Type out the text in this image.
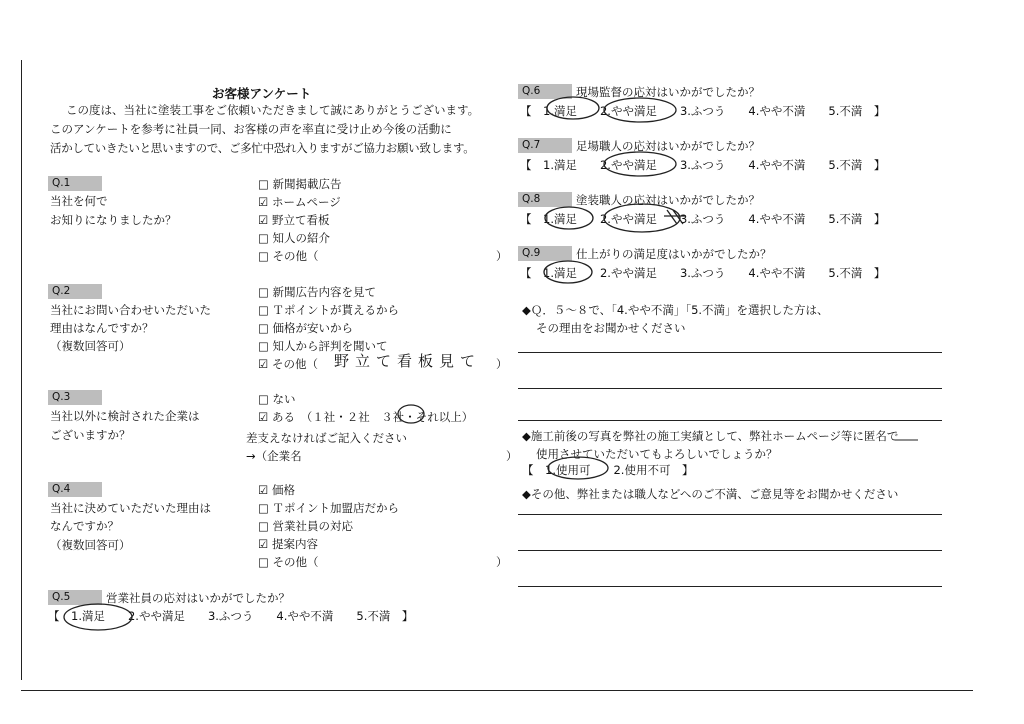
お客様アンケート
この度は、当社に塗装工事をご依頼いただきまして誠にありがとうございます。
このアンケートを参考に社員一同、お客様の声を率直に受け止め今後の活動に
活かしていきたいと思いますので、ご多忙中恐れ入りますがご協力お願い致します。
Q.1
当社を何で
お知りになりましたか？
□ 新聞掲載広告
☑ ホームページ
☑ 野立て看板
□ 知人の紹介
□ その他（	）
Q.2
当社にお問い合わせいただいた
理由はなんですか？
（複数回答可）
□ 新聞広告内容を見て
□ Ｔポイントが貰えるから
□ 価格が安いから
□ 知人から評判を聞いて
☑ その他（ 野立て看板見て ）
Q.3
当社以外に検討された企業は
ございますか？
□ ない
☑ ある　（１社・２社　３社・それ以上）
差支えなければご記入ください
→（企業名	）
Q.4
当社に決めていただいた理由は
なんですか？
（複数回答可）
☑ 価格
□ Ｔポイント加盟店だから
□ 営業社員の対応
☑ 提案内容
□ その他（	）
Q.5	営業社員の応対はいかがでしたか？
【　1.満足　　2.やや満足　　3.ふつう　　4.やや不満　　5.不満　】
Q.6	現場監督の応対はいかがでしたか？
【　1.満足　　2.やや満足　　3.ふつう　　4.やや不満　　5.不満　】
Q.7	足場職人の応対はいかがでしたか？
【　1.満足　　2.やや満足　　3.ふつう　　4.やや不満　　5.不満　】
Q.8	塗装職人の応対はいかがでしたか？
【　1.満足　　2.やや満足　　3.ふつう　　4.やや不満　　5.不満　】
Q.9	仕上がりの満足度はいかがでしたか？
【　1.満足　　2.やや満足　　3.ふつう　　4.やや不満　　5.不満　】
◆Ｑ．５～８で、「4.やや不満」「5.不満」を選択した方は、
その理由をお聞かせください
◆施工前後の写真を弊社の施工実績として、弊社ホームページ等に匿名で
使用させていただいてもよろしいでしょうか？
【　1.使用可　　2.使用不可　】
◆その他、弊社または職人などへのご不満、ご意見等をお聞かせください
